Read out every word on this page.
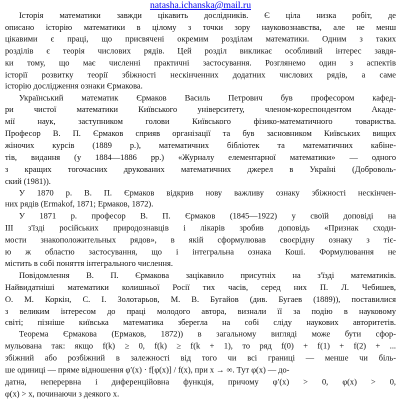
natasha.ichanska@mail.ru
Історія математики завжди цікавить дослідників. Є ціла низка робіт, де
описано історію математики в цілому з точки зору науковознавства, але не менш
цікавими є праці, що присвячені окремим розділам математики. Одним з таких
розділів є теорія числових рядів. Цей розділ викликає особливий інтерес завдя-
ки тому, що має численні практичні застосування. Розглянемо один з аспектів
історії розвитку теорії збіжності нескінченних додатних числових рядів, а саме
історію дослідження ознаки Єрмакова.
Український математик Єрмаков Василь Петрович був професором кафед-
ри чистої математики Київського університету, членом-кореспондентом Акаде-
мії наук, заступником голови Київського фізико-математичного товариства.
Професор В. П. Єрмаков сприяв організації та був засновником Київських вищих
жіночих курсів (1889 р.), математичних бібліотек та математичних кабіне-
тів, видання (у 1884—1886 рр.) «Журналу елементарної математики» — одного
з кращих тогочасних друкованих математичних джерел в Україні (Доброволь-
ский (1981)).
У 1870 р. В. П. Єрмаков відкрив нову важливу ознаку збіжності нескінчен-
них рядів (Ermakof, 1871; Ермаков, 1872).
У 1871 р. професор В. П. Єрмаков (1845—1922) у своїй доповіді на
III з'їзді російських природознавців і лікарів зробив доповідь «Признак сходи-
мости знакоположительных рядов», в якій сформулював своєрідну ознаку з тіє-
ю ж областю застосування, що і інтегральна ознака Коші. Формулювання не
містить в собі поняття інтегрального числення.
Повідомлення В. П. Єрмакова зацікавило присутніх на з'їзді математиків.
Найвидатніші математики колишньої Росії тих часів, серед них П. Л. Чебишев,
О. М. Коркін, С. І. Золотарьов, М. В. Бугайов (див. Бугаев (1889)), поставилися
з великим інтересом до праці молодого автора, визнали її за подію в науковому
світі; пізніше київська математика зберегла на собі сліду наукових авторитетів.
Теорема Єрмакова (Ермаков, 1872)) в загальному вигляді може бути сфор-
мульована так: якщо f(k) ≥ 0, f(k) ≥ f(k + 1), то ряд f(0) + f(1) + f(2) + ...
збіжний або розбіжний в залежності від того чи всі границі — менше чи біль-
ше одиниці — пряме відношення φ′(x) · f[φ(x)] / f(x), при x → ∞. Тут φ(x) — до-
датна, неперервна і диференційовна функція, причому φ′(x) > 0, φ(x) > 0,
φ(x) > x, починаючи з деякого x.
